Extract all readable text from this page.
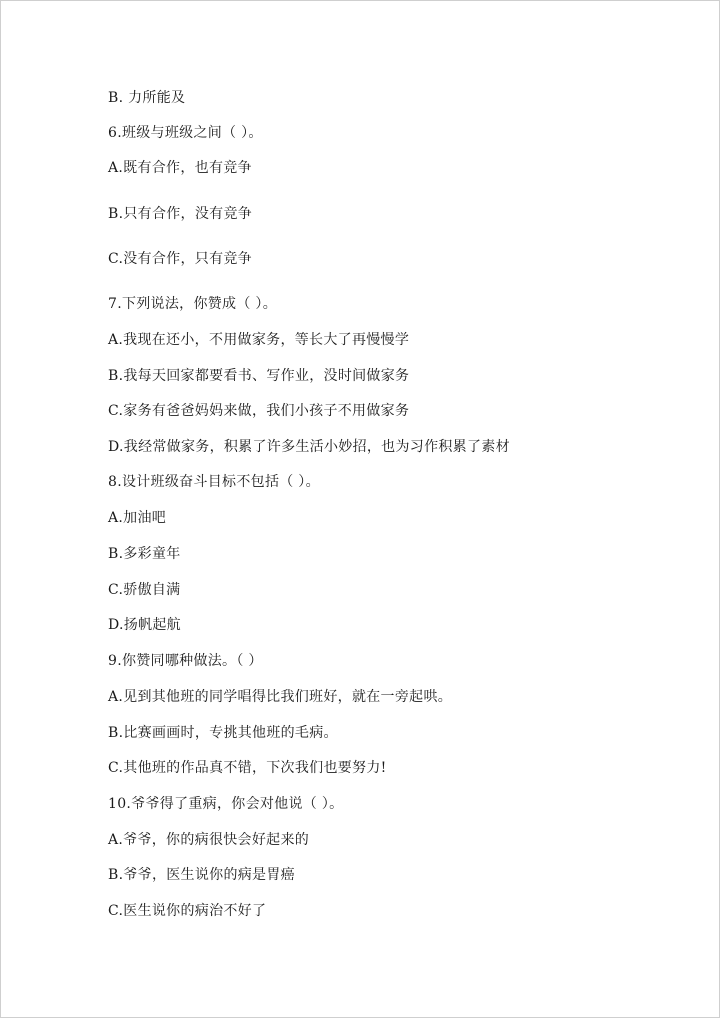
B. 力所能及
6.班级与班级之间（ ）。
A.既有合作，也有竞争
B.只有合作，没有竞争
C.没有合作，只有竞争
7.下列说法，你赞成（ ）。
A.我现在还小，不用做家务，等长大了再慢慢学
B.我每天回家都要看书、写作业，没时间做家务
C.家务有爸爸妈妈来做，我们小孩子不用做家务
D.我经常做家务，积累了许多生活小妙招，也为习作积累了素材
8.设计班级奋斗目标不包括（ ）。
A.加油吧
B.多彩童年
C.骄傲自满
D.扬帆起航
9.你赞同哪种做法。（ ）
A.见到其他班的同学唱得比我们班好，就在一旁起哄。
B.比赛画画时，专挑其他班的毛病。
C.其他班的作品真不错，下次我们也要努力!
10.爷爷得了重病，你会对他说（ ）。
A.爷爷，你的病很快会好起来的
B.爷爷，医生说你的病是胃癌
C.医生说你的病治不好了
